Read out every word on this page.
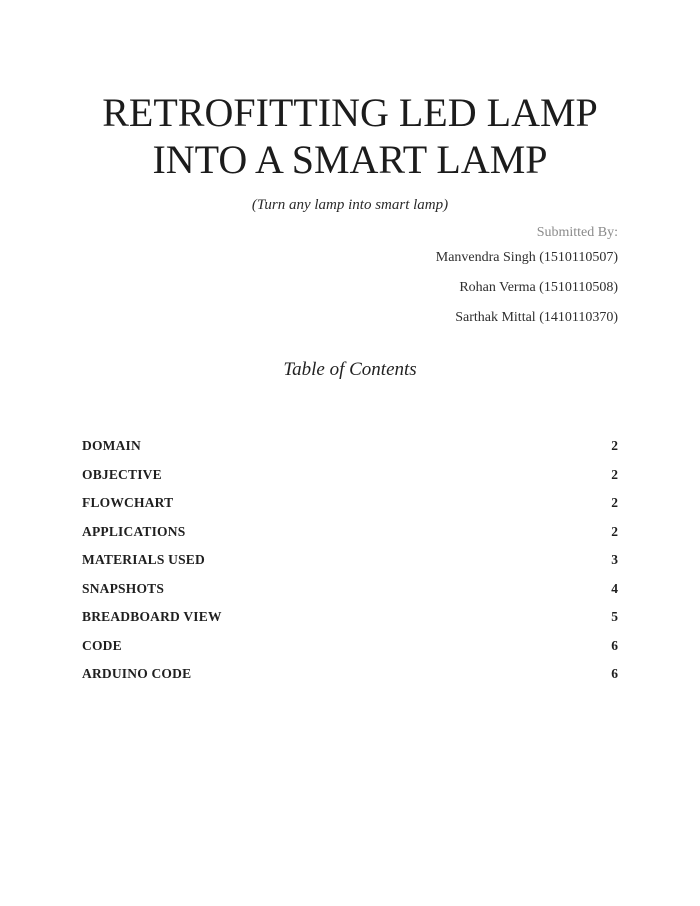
RETROFITTING LED LAMP
INTO A SMART LAMP
(Turn any lamp into smart lamp)
Submitted By:
Manvendra Singh (1510110507)
Rohan Verma (1510110508)
Sarthak Mittal (1410110370)
Table of Contents
DOMAIN	2
OBJECTIVE	2
FLOWCHART	2
APPLICATIONS	2
MATERIALS USED	3
SNAPSHOTS	4
BREADBOARD VIEW	5
CODE	6
ARDUINO CODE	6
